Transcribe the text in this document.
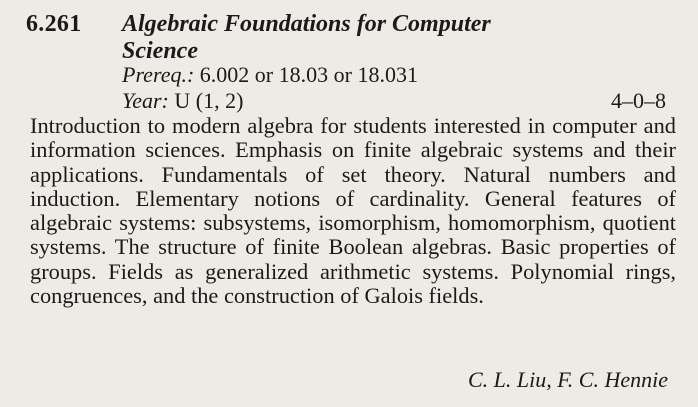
6.261 Algebraic Foundations for Computer
Science
Prereq.: 6.002 or 18.03 or 18.031
Year: U (1, 2)	4–0–8

Introduction to modern algebra for students interested in computer and information sciences. Emphasis on finite algebraic systems and their applications. Fundamentals of set theory. Natural numbers and induction. Elementary notions of cardinality. General features of algebraic systems: subsystems, isomorphism, homomorphism, quotient systems. The structure of finite Boolean algebras. Basic properties of groups. Fields as generalized arithmetic systems. Polynomial rings, congruences, and the construction of Galois fields.

C. L. Liu, F. C. Hennie
